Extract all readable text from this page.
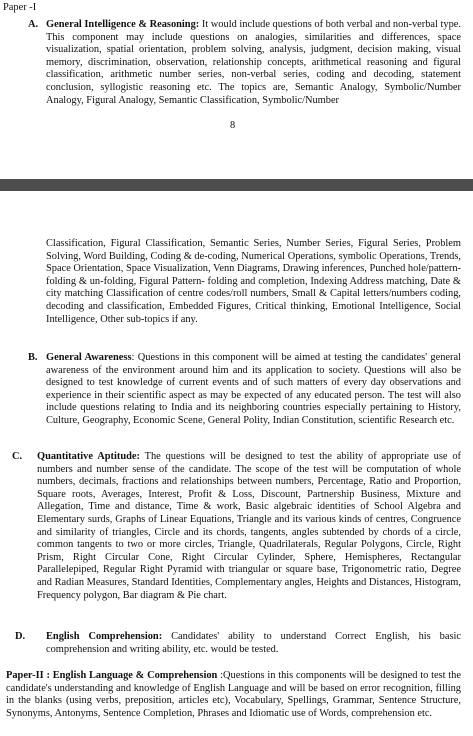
Paper -I
A. General Intelligence & Reasoning: It would include questions of both verbal and non-verbal type. This component may include questions on analogies, similarities and differences, space visualization, spatial orientation, problem solving, analysis, judgment, decision making, visual memory, discrimination, observation, relationship concepts, arithmetical reasoning and figural classification, arithmetic number series, non-verbal series, coding and decoding, statement conclusion, syllogistic reasoning etc. The topics are, Semantic Analogy, Symbolic/Number Analogy, Figural Analogy, Semantic Classification, Symbolic/Number
8
Classification, Figural Classification, Semantic Series, Number Series, Figural Series, Problem Solving, Word Building, Coding & de-coding, Numerical Operations, symbolic Operations, Trends, Space Orientation, Space Visualization, Venn Diagrams, Drawing inferences, Punched hole/pattern-folding & un-folding, Figural Pattern- folding and completion, Indexing Address matching, Date & city matching Classification of centre codes/roll numbers, Small & Capital letters/numbers coding, decoding and classification, Embedded Figures, Critical thinking, Emotional Intelligence, Social Intelligence, Other sub-topics if any.
B. General Awareness: Questions in this component will be aimed at testing the candidates' general awareness of the environment around him and its application to society. Questions will also be designed to test knowledge of current events and of such matters of every day observations and experience in their scientific aspect as may be expected of any educated person. The test will also include questions relating to India and its neighboring countries especially pertaining to History, Culture, Geography, Economic Scene, General Polity, Indian Constitution, scientific Research etc.
C. Quantitative Aptitude: The questions will be designed to test the ability of appropriate use of numbers and number sense of the candidate. The scope of the test will be computation of whole numbers, decimals, fractions and relationships between numbers, Percentage, Ratio and Proportion, Square roots, Averages, Interest, Profit & Loss, Discount, Partnership Business, Mixture and Allegation, Time and distance, Time & work, Basic algebraic identities of School Algebra and Elementary surds, Graphs of Linear Equations, Triangle and its various kinds of centres, Congruence and similarity of triangles, Circle and its chords, tangents, angles subtended by chords of a circle, common tangents to two or more circles, Triangle, Quadrilaterals, Regular Polygons, Circle, Right Prism, Right Circular Cone, Right Circular Cylinder, Sphere, Hemispheres, Rectangular Parallelepiped, Regular Right Pyramid with triangular or square base, Trigonometric ratio, Degree and Radian Measures, Standard Identities, Complementary angles, Heights and Distances, Histogram, Frequency polygon, Bar diagram & Pie chart.
D. English Comprehension: Candidates' ability to understand Correct English, his basic comprehension and writing ability, etc. would be tested.
Paper-II : English Language & Comprehension :Questions in this components will be designed to test the candidate's understanding and knowledge of English Language and will be based on error recognition, filling in the blanks (using verbs, preposition, articles etc), Vocabulary, Spellings, Grammar, Sentence Structure, Synonyms, Antonyms, Sentence Completion, Phrases and Idiomatic use of Words, comprehension etc.
